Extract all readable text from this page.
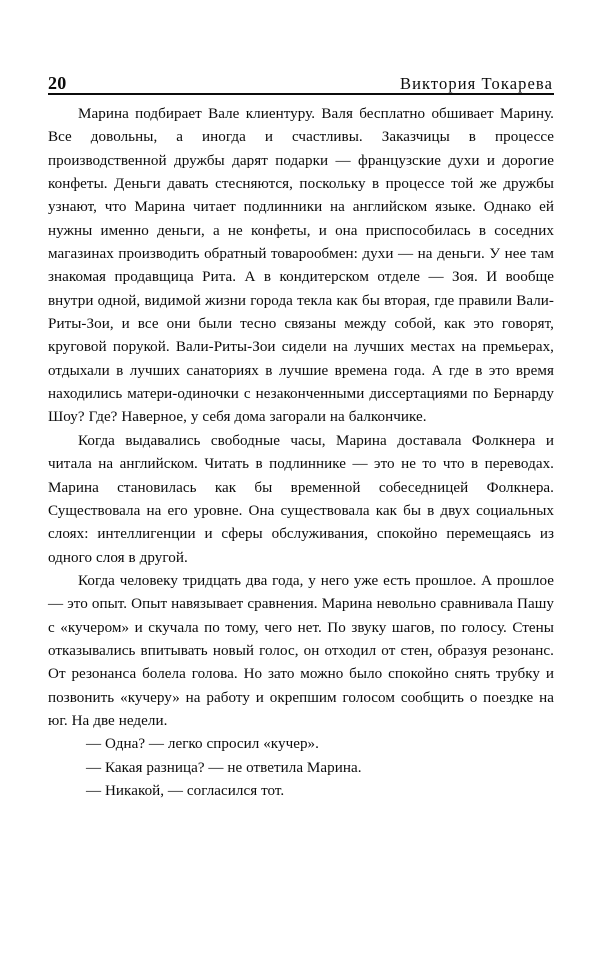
20	Виктория Токарева

Марина подбирает Вале клиентуру. Валя бесплатно обшивает Марину. Все довольны, а иногда и счастливы. Заказчицы в процессе производственной дружбы дарят подарки — французские духи и дорогие конфеты. Деньги давать стесняются, поскольку в процессе той же дружбы узнают, что Марина читает подлинники на английском языке. Однако ей нужны именно деньги, а не конфеты, и она приспособилась в соседних магазинах производить обратный товарообмен: духи — на деньги. У нее там знакомая продавщица Рита. А в кондитерском отделе — Зоя. И вообще внутри одной, видимой жизни города текла как бы вторая, где правили Вали-Риты-Зои, и все они были тесно связаны между собой, как это говорят, круговой порукой. Вали-Риты-Зои сидели на лучших местах на премьерах, отдыхали в лучших санаториях в лучшие времена года. А где в это время находились матери-одиночки с незаконченными диссертациями по Бернарду Шоу? Где? Наверное, у себя дома загорали на балкончике.

Когда выдавались свободные часы, Марина доставала Фолкнера и читала на английском. Читать в подлиннике — это не то что в переводах. Марина становилась как бы временной собеседницей Фолкнера. Существовала на его уровне. Она существовала как бы в двух социальных слоях: интеллигенции и сферы обслуживания, спокойно перемещаясь из одного слоя в другой.

Когда человеку тридцать два года, у него уже есть прошлое. А прошлое — это опыт. Опыт навязывает сравнения. Марина невольно сравнивала Пашу с «кучером» и скучала по тому, чего нет. По звуку шагов, по голосу. Стены отказывались впитывать новый голос, он отходил от стен, образуя резонанс. От резонанса болела голова. Но зато можно было спокойно снять трубку и позвонить «кучеру» на работу и окрепшим голосом сообщить о поездке на юг. На две недели.

— Одна? — легко спросил «кучер».

— Какая разница? — не ответила Марина.

— Никакой, — согласился тот.
